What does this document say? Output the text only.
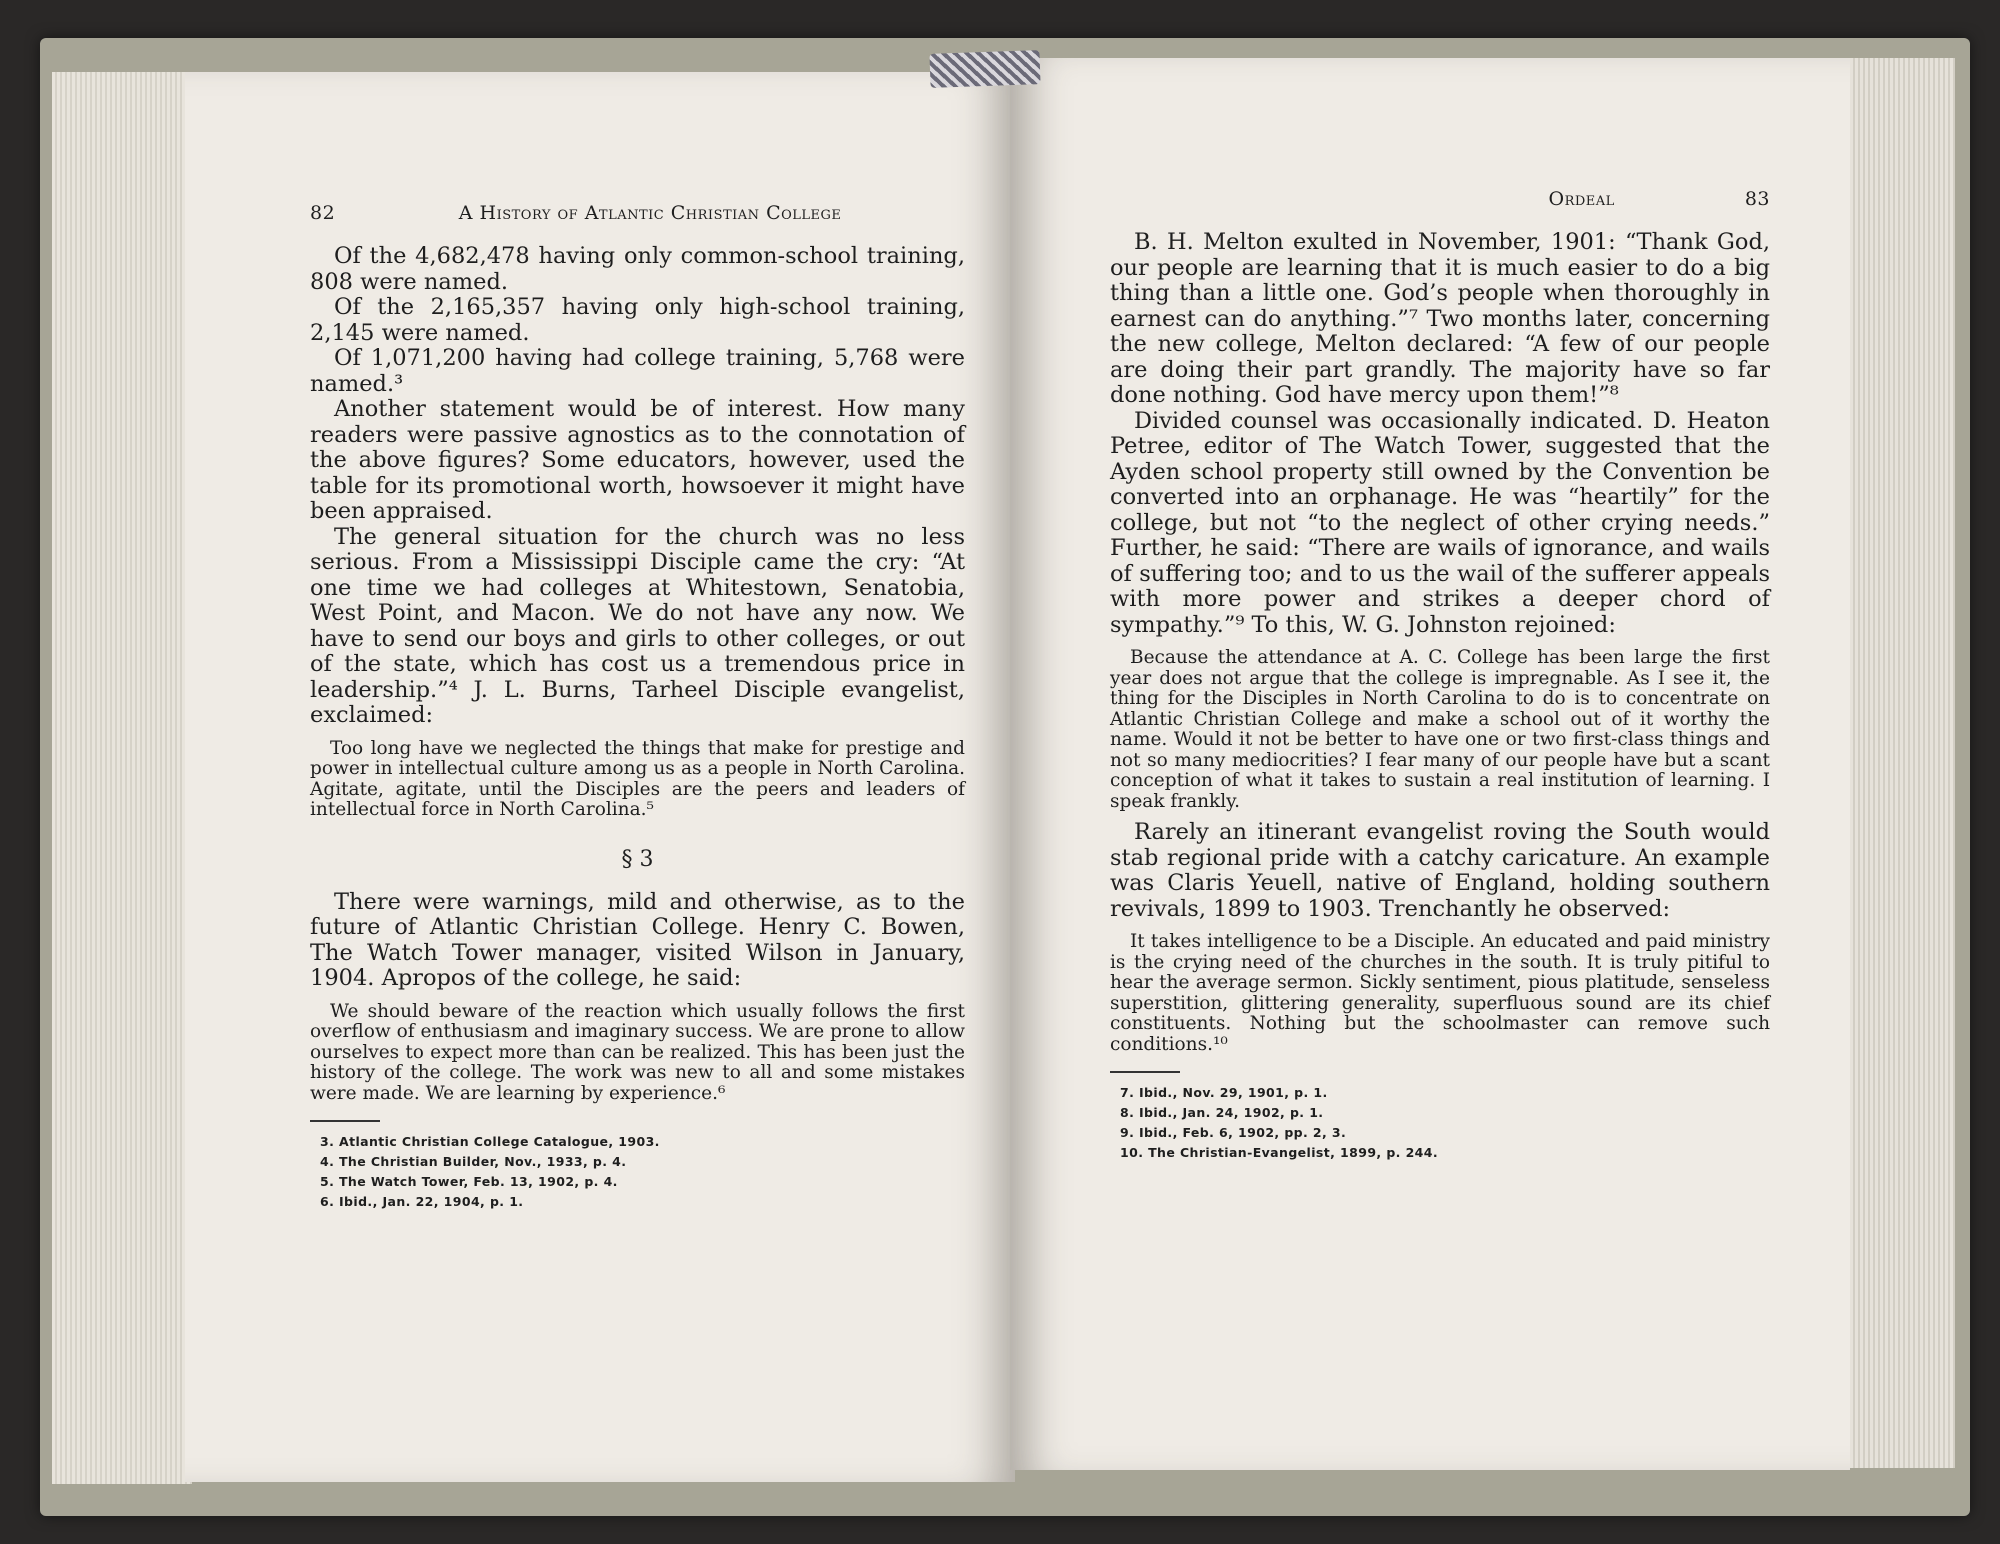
82	A History of Atlantic Christian College

Of the 4,682,478 having only common-school training, 808 were named.

Of the 2,165,357 having only high-school training, 2,145 were named.

Of 1,071,200 having had college training, 5,768 were named.³

Another statement would be of interest. How many readers were passive agnostics as to the connotation of the above figures? Some educators, however, used the table for its promotional worth, howsoever it might have been appraised.

The general situation for the church was no less serious. From a Mississippi Disciple came the cry: “At one time we had colleges at Whitestown, Senatobia, West Point, and Macon. We do not have any now. We have to send our boys and girls to other colleges, or out of the state, which has cost us a tremendous price in leadership.”⁴ J. L. Burns, Tarheel Disciple evangelist, exclaimed:

Too long have we neglected the things that make for prestige and power in intellectual culture among us as a people in North Carolina. Agitate, agitate, until the Disciples are the peers and leaders of intellectual force in North Carolina.⁵

§ 3

There were warnings, mild and otherwise, as to the future of Atlantic Christian College. Henry C. Bowen, The Watch Tower manager, visited Wilson in January, 1904. Apropos of the college, he said:

We should beware of the reaction which usually follows the first overflow of enthusiasm and imaginary success. We are prone to allow ourselves to expect more than can be realized. This has been just the history of the college. The work was new to all and some mistakes were made. We are learning by experience.⁶

3. Atlantic Christian College Catalogue, 1903.
4. The Christian Builder, Nov., 1933, p. 4.
5. The Watch Tower, Feb. 13, 1902, p. 4.
6. Ibid., Jan. 22, 1904, p. 1.
Ordeal	83

B. H. Melton exulted in November, 1901: “Thank God, our people are learning that it is much easier to do a big thing than a little one. God’s people when thoroughly in earnest can do anything.”⁷ Two months later, concerning the new college, Melton declared: “A few of our people are doing their part grandly. The majority have so far done nothing. God have mercy upon them!”⁸

Divided counsel was occasionally indicated. D. Heaton Petree, editor of The Watch Tower, suggested that the Ayden school property still owned by the Convention be converted into an orphanage. He was “heartily” for the college, but not “to the neglect of other crying needs.” Further, he said: “There are wails of ignorance, and wails of suffering too; and to us the wail of the sufferer appeals with more power and strikes a deeper chord of sympathy.”⁹ To this, W. G. Johnston rejoined:

Because the attendance at A. C. College has been large the first year does not argue that the college is impregnable. As I see it, the thing for the Disciples in North Carolina to do is to concentrate on Atlantic Christian College and make a school out of it worthy the name. Would it not be better to have one or two first-class things and not so many mediocrities? I fear many of our people have but a scant conception of what it takes to sustain a real institution of learning. I speak frankly.

Rarely an itinerant evangelist roving the South would stab regional pride with a catchy caricature. An example was Claris Yeuell, native of England, holding southern revivals, 1899 to 1903. Trenchantly he observed:

It takes intelligence to be a Disciple. An educated and paid ministry is the crying need of the churches in the south. It is truly pitiful to hear the average sermon. Sickly sentiment, pious platitude, senseless superstition, glittering generality, superfluous sound are its chief constituents. Nothing but the schoolmaster can remove such conditions.¹⁰

7. Ibid., Nov. 29, 1901, p. 1.
8. Ibid., Jan. 24, 1902, p. 1.
9. Ibid., Feb. 6, 1902, pp. 2, 3.
10. The Christian-Evangelist, 1899, p. 244.
